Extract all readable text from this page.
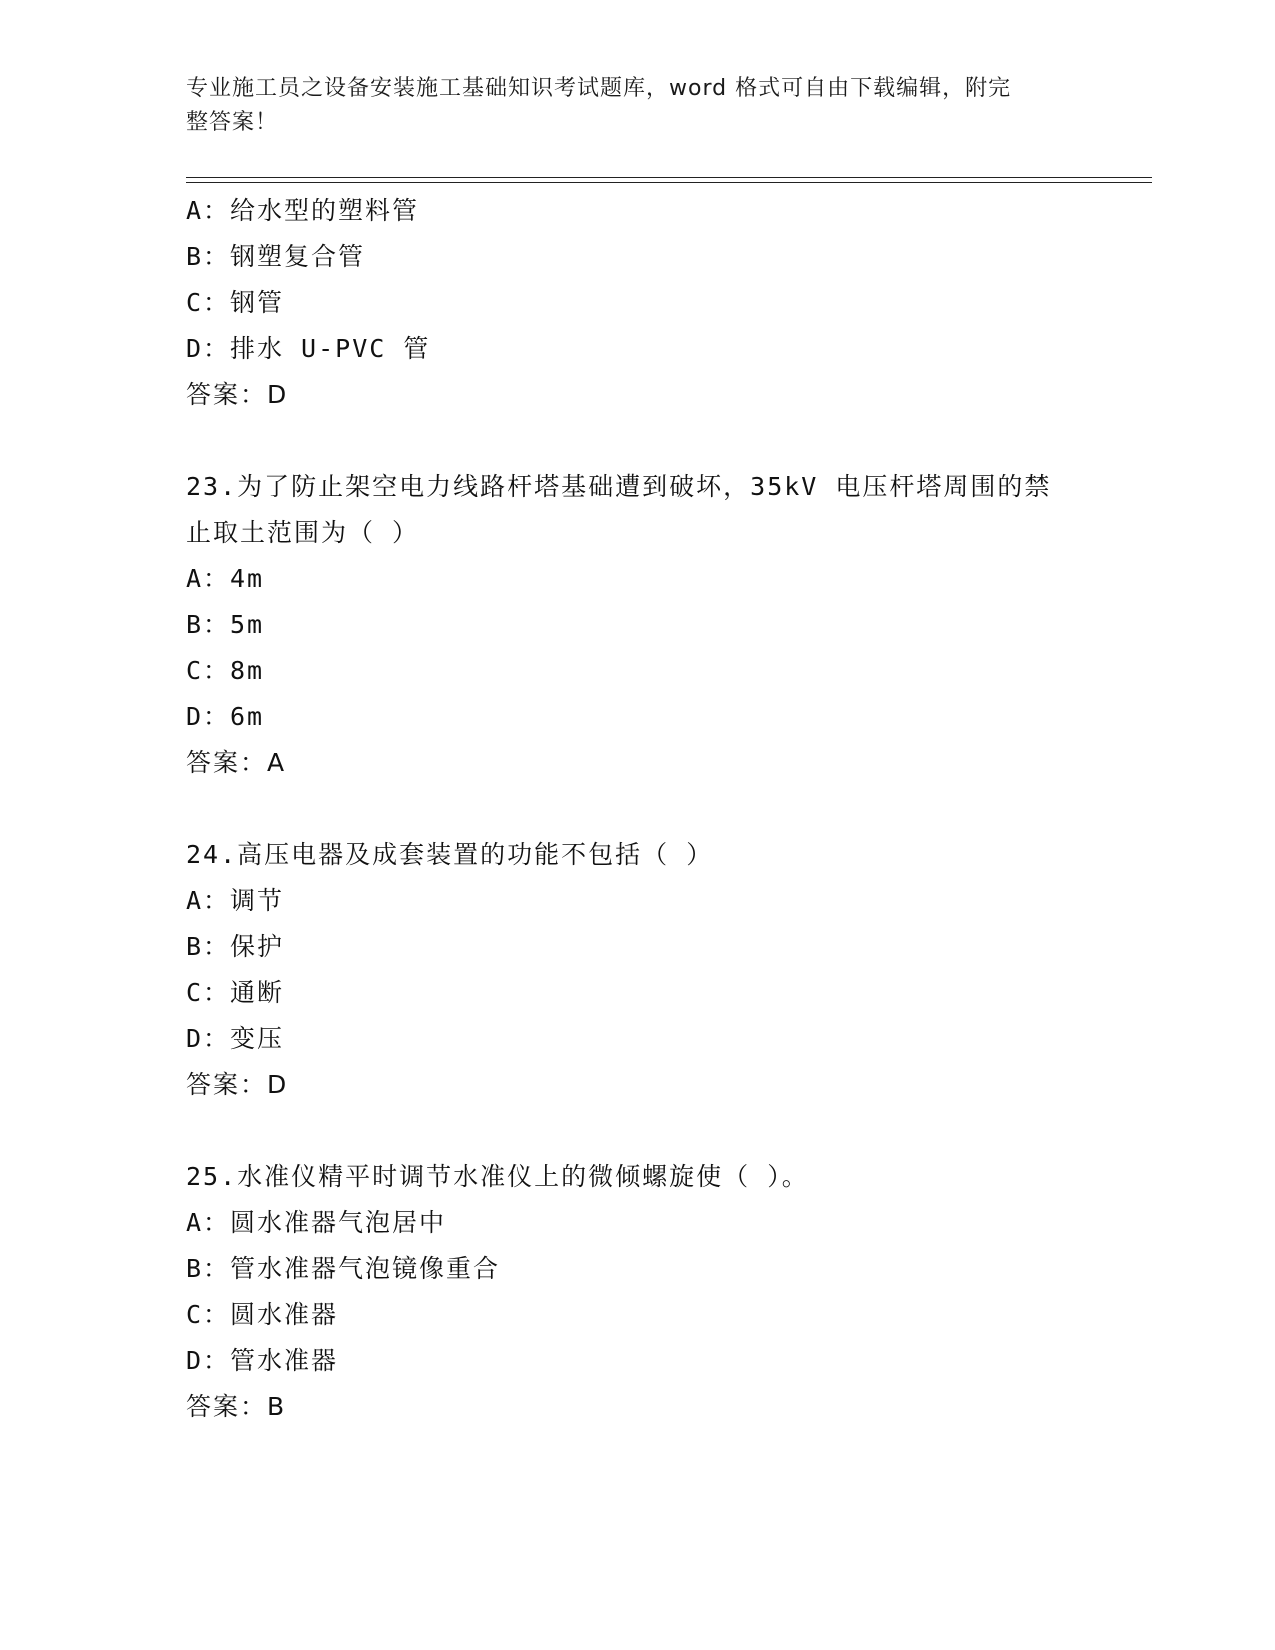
专业施工员之设备安装施工基础知识考试题库，word 格式可自由下载编辑，附完
整答案！
A：给水型的塑料管
B：钢塑复合管
C：钢管
D：排水 U-PVC 管
答案：D
23.为了防止架空电力线路杆塔基础遭到破坏，35kV 电压杆塔周围的禁
止取土范围为（ ）
A：4m
B：5m
C：8m
D：6m
答案：A
24.高压电器及成套装置的功能不包括（ ）
A：调节
B：保护
C：通断
D：变压
答案：D
25.水准仪精平时调节水准仪上的微倾螺旋使（ ）。
A：圆水准器气泡居中
B：管水准器气泡镜像重合
C：圆水准器
D：管水准器
答案：B
